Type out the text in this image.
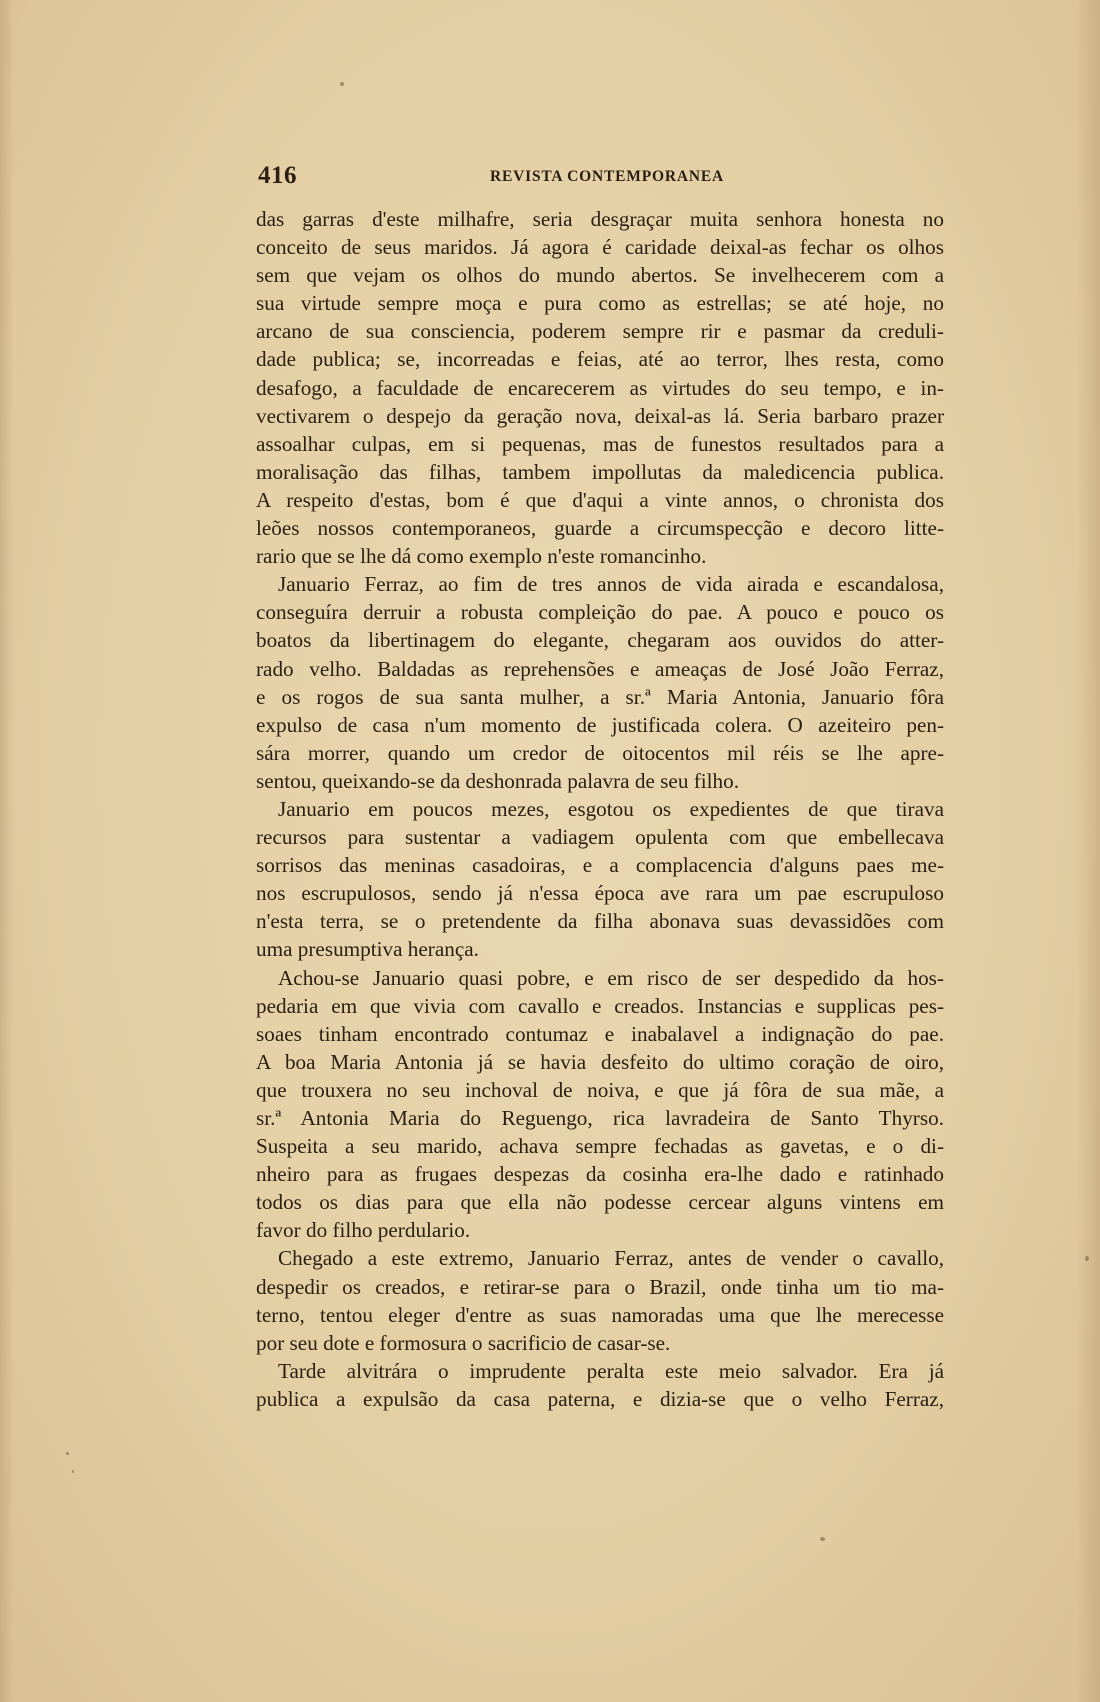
416	REVISTA CONTEMPORANEA
das garras d'este milhafre, seria desgraçar muita senhora honesta no
conceito de seus maridos. Já agora é caridade deixal-as fechar os olhos
sem que vejam os olhos do mundo abertos. Se invelhecerem com a
sua virtude sempre moça e pura como as estrellas; se até hoje, no
arcano de sua consciencia, poderem sempre rir e pasmar da creduli-
dade publica; se, incorreadas e feias, até ao terror, lhes resta, como
desafogo, a faculdade de encarecerem as virtudes do seu tempo, e in-
vectivarem o despejo da geração nova, deixal-as lá. Seria barbaro prazer
assoalhar culpas, em si pequenas, mas de funestos resultados para a
moralisação das filhas, tambem impollutas da maledicencia publica.
A respeito d'estas, bom é que d'aqui a vinte annos, o chronista dos
leões nossos contemporaneos, guarde a circumspecção e decoro litte-
rario que se lhe dá como exemplo n'este romancinho.
Januario Ferraz, ao fim de tres annos de vida airada e escandalosa,
conseguíra derruir a robusta compleição do pae. A pouco e pouco os
boatos da libertinagem do elegante, chegaram aos ouvidos do atter-
rado velho. Baldadas as reprehensões e ameaças de José João Ferraz,
e os rogos de sua santa mulher, a sr.ª Maria Antonia, Januario fôra
expulso de casa n'um momento de justificada colera. O azeiteiro pen-
sára morrer, quando um credor de oitocentos mil réis se lhe apre-
sentou, queixando-se da deshonrada palavra de seu filho.
Januario em poucos mezes, esgotou os expedientes de que tirava
recursos para sustentar a vadiagem opulenta com que embellecava
sorrisos das meninas casadoiras, e a complacencia d'alguns paes me-
nos escrupulosos, sendo já n'essa época ave rara um pae escrupuloso
n'esta terra, se o pretendente da filha abonava suas devassidões com
uma presumptiva herança.
Achou-se Januario quasi pobre, e em risco de ser despedido da hos-
pedaria em que vivia com cavallo e creados. Instancias e supplicas pes-
soaes tinham encontrado contumaz e inabalavel a indignação do pae.
A boa Maria Antonia já se havia desfeito do ultimo coração de oiro,
que trouxera no seu inchoval de noiva, e que já fôra de sua mãe, a
sr.ª Antonia Maria do Reguengo, rica lavradeira de Santo Thyrso.
Suspeita a seu marido, achava sempre fechadas as gavetas, e o di-
nheiro para as frugaes despezas da cosinha era-lhe dado e ratinhado
todos os dias para que ella não podesse cercear alguns vintens em
favor do filho perdulario.
Chegado a este extremo, Januario Ferraz, antes de vender o cavallo,
despedir os creados, e retirar-se para o Brazil, onde tinha um tio ma-
terno, tentou eleger d'entre as suas namoradas uma que lhe merecesse
por seu dote e formosura o sacrificio de casar-se.
Tarde alvitrára o imprudente peralta este meio salvador. Era já
publica a expulsão da casa paterna, e dizia-se que o velho Ferraz,
